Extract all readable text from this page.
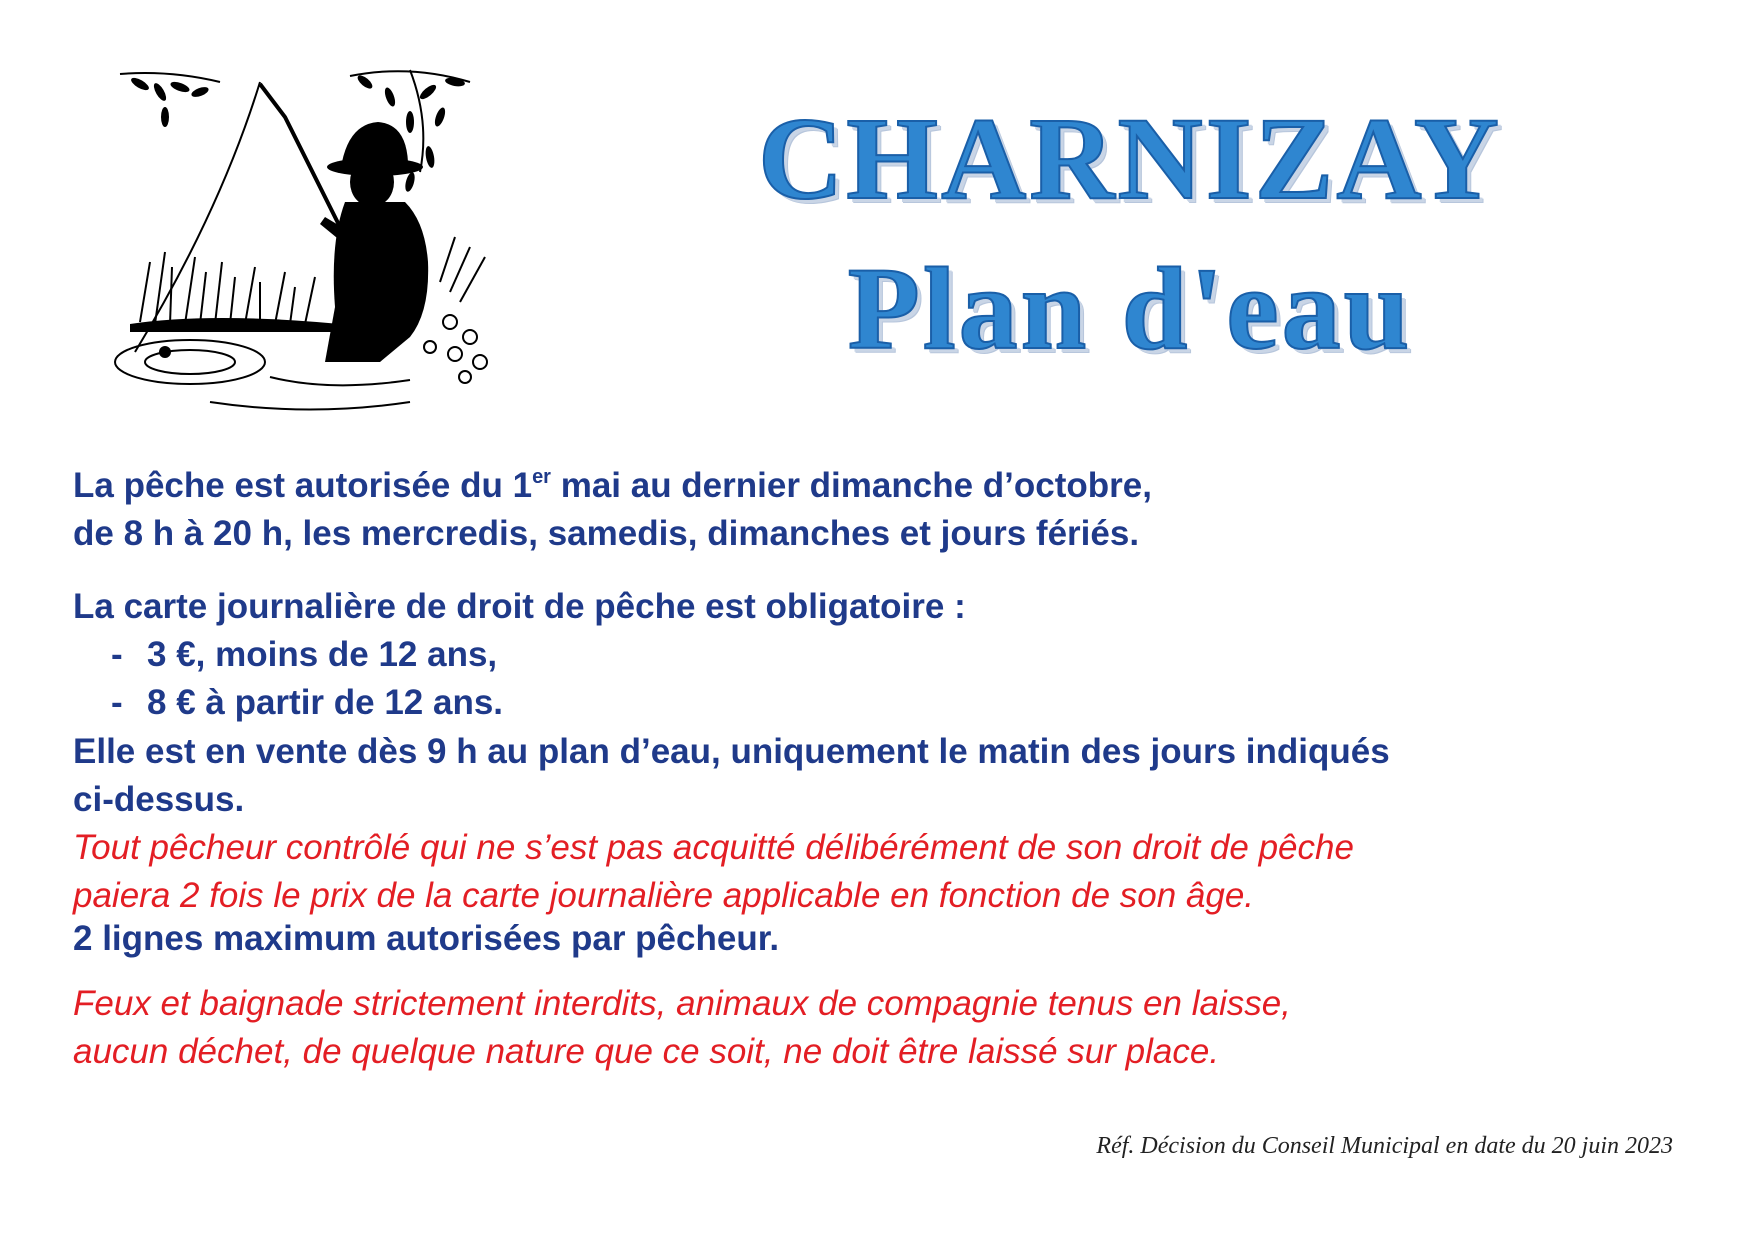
CHARNIZAY
Plan d'eau

La pêche est autorisée du 1er mai au dernier dimanche d’octobre,

de 8 h à 20 h, les mercredis, samedis, dimanches et jours fériés.

La carte journalière de droit de pêche est obligatoire :

- 3 €, moins de 12 ans,

- 8 € à partir de 12 ans.

Elle est en vente dès 9 h au plan d’eau, uniquement le matin des jours indiqués

ci-dessus.

Tout pêcheur contrôlé qui ne s’est pas acquitté délibérément de son droit de pêche

paiera 2 fois le prix de la carte journalière applicable en fonction de son âge.

2 lignes maximum autorisées par pêcheur.

Feux et baignade strictement interdits, animaux de compagnie tenus en laisse,

aucun déchet, de quelque nature que ce soit, ne doit être laissé sur place.

Réf. Décision du Conseil Municipal en date du 20 juin 2023
